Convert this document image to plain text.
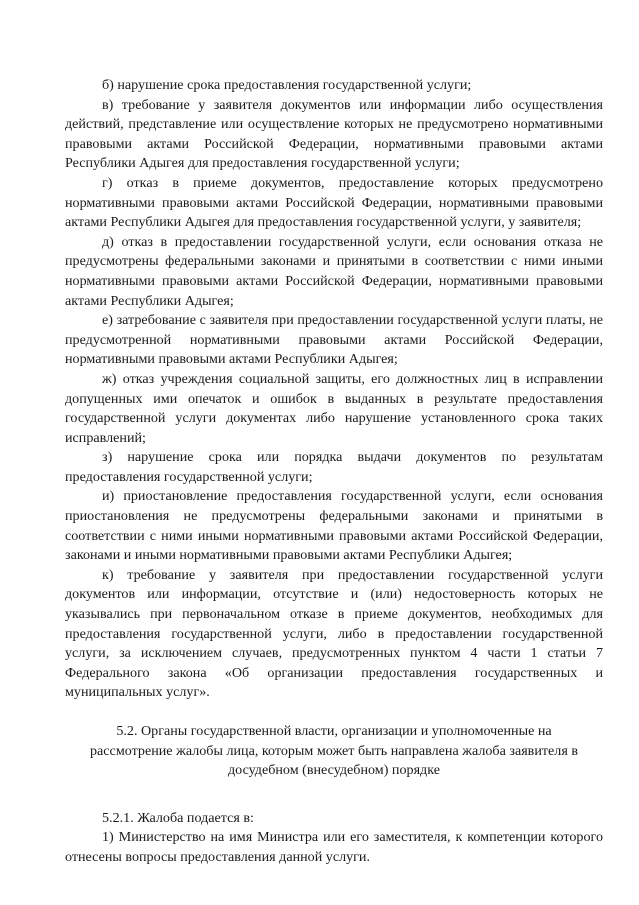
б) нарушение срока предоставления государственной услуги;

в) требование у заявителя документов или информации либо осуществления действий, представление или осуществление которых не предусмотрено нормативными правовыми актами Российской Федерации, нормативными правовыми актами Республики Адыгея для предоставления государственной услуги;

г) отказ в приеме документов, предоставление которых предусмотрено нормативными правовыми актами Российской Федерации, нормативными правовыми актами Республики Адыгея для предоставления государственной услуги, у заявителя;

д) отказ в предоставлении государственной услуги, если основания отказа не предусмотрены федеральными законами и принятыми в соответствии с ними иными нормативными правовыми актами Российской Федерации, нормативными правовыми актами Республики Адыгея;

е) затребование с заявителя при предоставлении государственной услуги платы, не предусмотренной нормативными правовыми актами Российской Федерации, нормативными правовыми актами Республики Адыгея;

ж) отказ учреждения социальной защиты, его должностных лиц в исправлении допущенных ими опечаток и ошибок в выданных в результате предоставления государственной услуги документах либо нарушение установленного срока таких исправлений;

з) нарушение срока или порядка выдачи документов по результатам предоставления государственной услуги;

и) приостановление предоставления государственной услуги, если основания приостановления не предусмотрены федеральными законами и принятыми в соответствии с ними иными нормативными правовыми актами Российской Федерации, законами и иными нормативными правовыми актами Республики Адыгея;

к) требование у заявителя при предоставлении государственной услуги документов или информации, отсутствие и (или) недостоверность которых не указывались при первоначальном отказе в приеме документов, необходимых для предоставления государственной услуги, либо в предоставлении государственной услуги, за исключением случаев, предусмотренных пунктом 4 части 1 статьи 7 Федерального закона «Об организации предоставления государственных и муниципальных услуг».

5.2. Органы государственной власти, организации и уполномоченные на
рассмотрение жалобы лица, которым может быть направлена жалоба заявителя в
досудебном (внесудебном) порядке

5.2.1. Жалоба подается в:

1) Министерство на имя Министра или его заместителя, к компетенции которого отнесены вопросы предоставления данной услуги.
